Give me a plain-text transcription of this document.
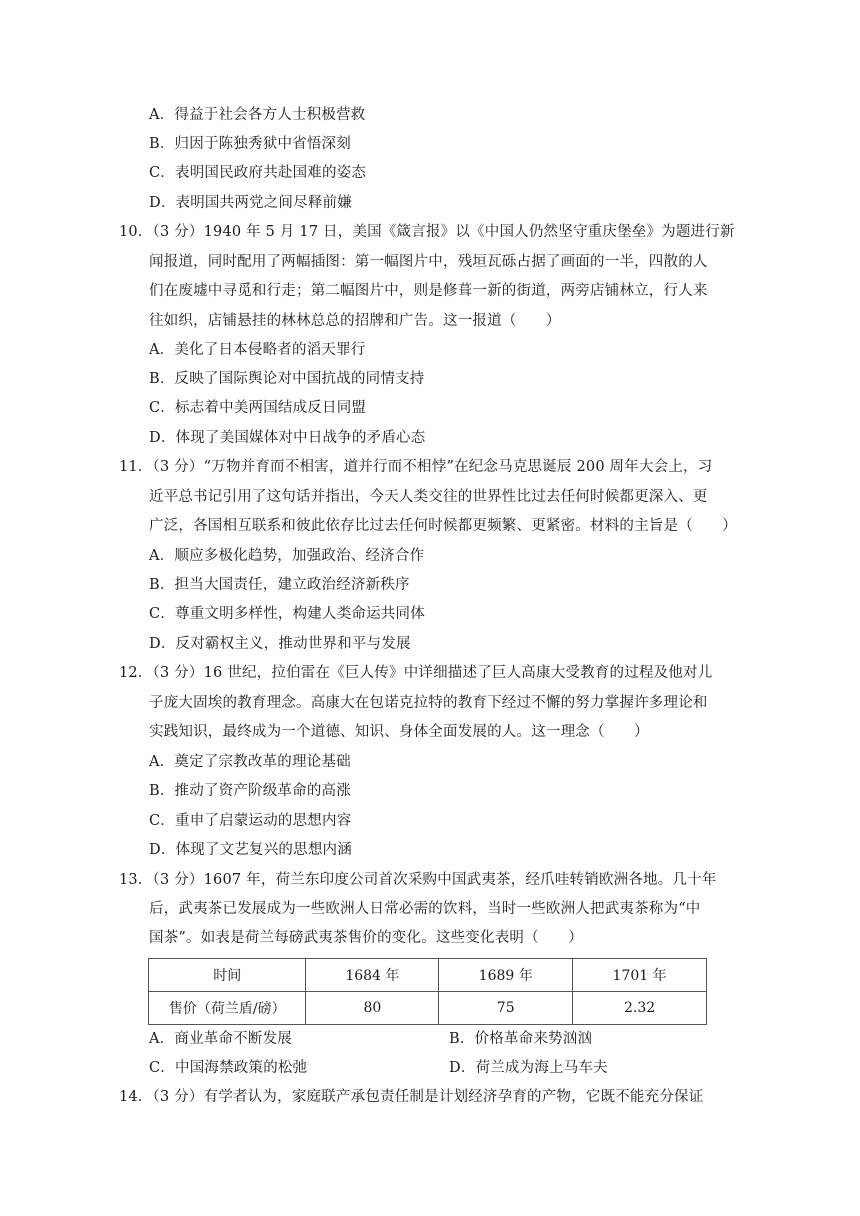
A．得益于社会各方人士积极营救
B．归因于陈独秀狱中省悟深刻
C．表明国民政府共赴国难的姿态
D．表明国共两党之间尽释前嫌
10．（3 分）1940 年 5 月 17 日，美国《箴言报》以《中国人仍然坚守重庆堡垒》为题进行新
闻报道，同时配用了两幅插图：第一幅图片中，残垣瓦砾占据了画面的一半，四散的人
们在废墟中寻觅和行走；第二幅图片中，则是修葺一新的街道，两旁店铺林立，行人来
往如织，店铺悬挂的林林总总的招牌和广告。这一报道（　　）
A．美化了日本侵略者的滔天罪行
B．反映了国际舆论对中国抗战的同情支持
C．标志着中美两国结成反日同盟
D．体现了美国媒体对中日战争的矛盾心态
11．（3 分）“万物并育而不相害，道并行而不相悖”在纪念马克思诞辰 200 周年大会上，习
近平总书记引用了这句话并指出，今天人类交往的世界性比过去任何时候都更深入、更
广泛，各国相互联系和彼此依存比过去任何时候都更频繁、更紧密。材料的主旨是（　　）
A．顺应多极化趋势，加强政治、经济合作
B．担当大国责任，建立政治经济新秩序
C．尊重文明多样性，构建人类命运共同体
D．反对霸权主义，推动世界和平与发展
12．（3 分）16 世纪，拉伯雷在《巨人传》中详细描述了巨人高康大受教育的过程及他对儿
子庞大固埃的教育理念。高康大在包诺克拉特的教育下经过不懈的努力掌握许多理论和
实践知识，最终成为一个道德、知识、身体全面发展的人。这一理念（　　）
A．奠定了宗教改革的理论基础
B．推动了资产阶级革命的高涨
C．重申了启蒙运动的思想内容
D．体现了文艺复兴的思想内涵
13．（3 分）1607 年，荷兰东印度公司首次采购中国武夷茶，经爪哇转销欧洲各地。几十年
后，武夷茶已发展成为一些欧洲人日常必需的饮料，当时一些欧洲人把武夷茶称为“中
国茶”。如表是荷兰每磅武夷茶售价的变化。这些变化表明（　　）
时间	1684 年	1689 年	1701 年
售价（荷兰盾/磅）	80	75	2.32
A．商业革命不断发展	B．价格革命来势汹汹
C．中国海禁政策的松弛	D．荷兰成为海上马车夫
14．（3 分）有学者认为，家庭联产承包责任制是计划经济孕育的产物，它既不能充分保证
